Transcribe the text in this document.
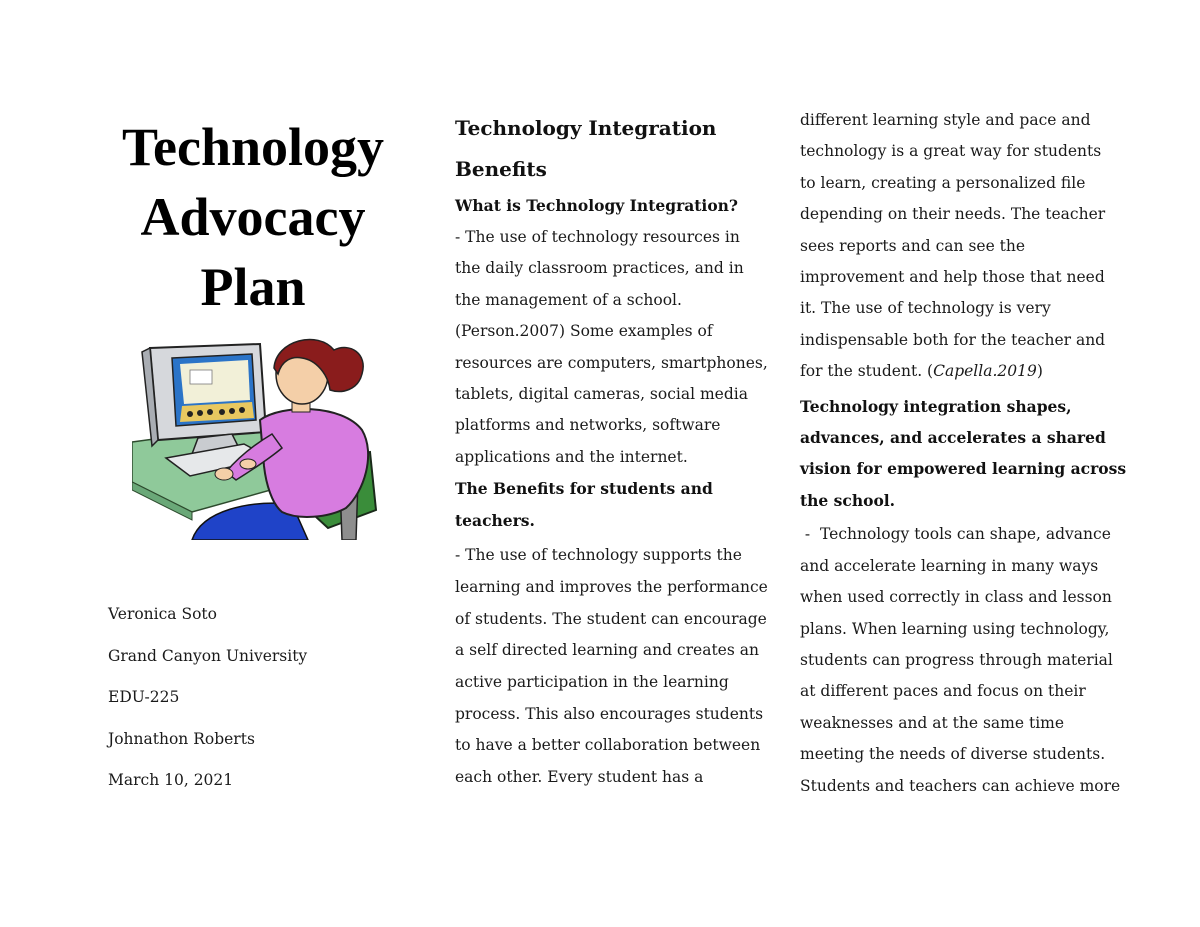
Technology
Advocacy
Plan
Veronica Soto
Grand Canyon University
EDU-225
Johnathon Roberts
March 10, 2021
Technology Integration
Benefits
What is Technology Integration?
- The use of technology resources in
the daily classroom practices, and in
the management of a school.
(Person.2007) Some examples of
resources are computers, smartphones,
tablets, digital cameras, social media
platforms and networks, software
applications and the internet.
The Benefits for students and
teachers.
- The use of technology supports the
learning and improves the performance
of students. The student can encourage
a self directed learning and creates an
active participation in the learning
process. This also encourages students
to have a better collaboration between
each other. Every student has a
different learning style and pace and
technology is a great way for students
to learn, creating a personalized file
depending on their needs. The teacher
sees reports and can see the
improvement and help those that need
it. The use of technology is very
indispensable both for the teacher and
for the student. (Capella.2019)
Technology integration shapes,
advances, and accelerates a shared
vision for empowered learning across
the school.
-  Technology tools can shape, advance
and accelerate learning in many ways
when used correctly in class and lesson
plans. When learning using technology,
students can progress through material
at different paces and focus on their
weaknesses and at the same time
meeting the needs of diverse students.
Students and teachers can achieve more
